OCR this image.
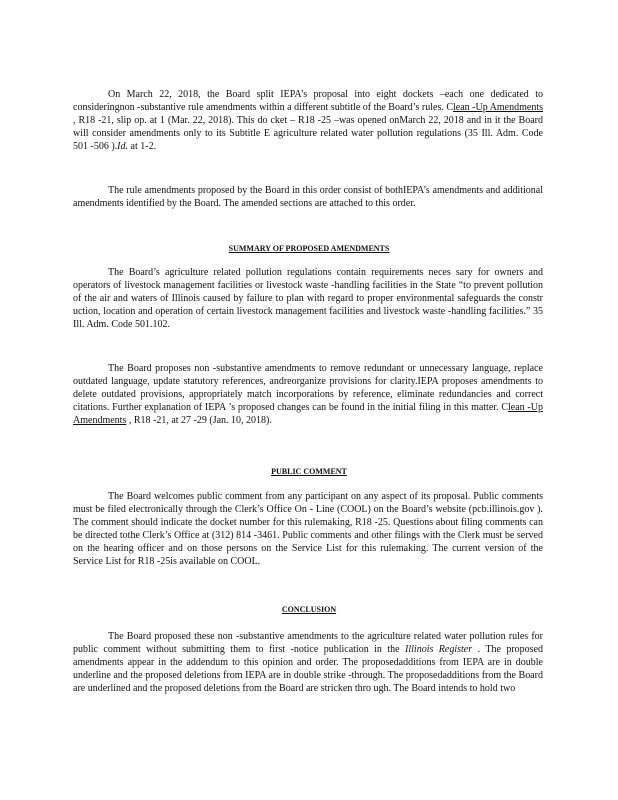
On March 22, 2018, the Board split IEPA’s proposal into eight dockets –each one dedicated to consideringnon -substantive rule amendments within a different subtitle of the Board’s rules. Clean -Up Amendments , R18 -21, slip op. at 1 (Mar. 22, 2018). This do cket – R18 -25 –was opened onMarch 22, 2018 and in it the Board will consider amendments only to its Subtitle E agriculture related water pollution regulations (35 Ill. Adm. Code 501 -506 ).Id. at 1-2.

The rule amendments proposed by the Board in this order consist of bothIEPA’s amendments and additional amendments identified by the Board. The amended sections are attached to this order.

SUMMARY OF PROPOSED AMENDMENTS

The Board’s agriculture related pollution regulations contain requirements neces sary for owners and operators of livestock management facilities or livestock waste -handling facilities in the State “to prevent pollution of the air and waters of Illinois caused by failure to plan with regard to proper environmental safeguards the constr uction, location and operation of certain livestock management facilities and livestock waste -handling facilities.” 35 Ill. Adm. Code 501.102.

The Board proposes non -substantive amendments to remove redundant or unnecessary language, replace outdated language, update statutory references, andreorganize provisions for clarity.IEPA proposes amendments to delete outdated provisions, appropriately match incorporations by reference, eliminate redundancies and correct citations. Further explanation of IEPA ’s proposed changes can be found in the initial filing in this matter. Clean -Up Amendments , R18 -21, at 27 -29 (Jan. 10, 2018).

PUBLIC COMMENT

The Board welcomes public comment from any participant on any aspect of its proposal. Public comments must be filed electronically through the Clerk’s Office On - Line (COOL) on the Board’s website (pcb.illinois.gov ). The comment should indicate the docket number for this rulemaking, R18 -25. Questions about filing comments can be directed tothe Clerk’s Office at (312) 814 -3461. Public comments and other filings with the Clerk must be served on the hearing officer and on those persons on the Service List for this rulemaking. The current version of the Service List for R18 -25is available on COOL.

CONCLUSION

The Board proposed these non -substantive amendments to the agriculture related water pollution rules for public comment without submitting them to first -notice publication in the Illinois Register . The proposed amendments appear in the addendum to this opinion and order. The proposedadditions from IEPA are in double underline and the proposed deletions from IEPA are in double strike -through. The proposedadditions from the Board are underlined and the proposed deletions from the Board are stricken thro ugh. The Board intends to hold two
